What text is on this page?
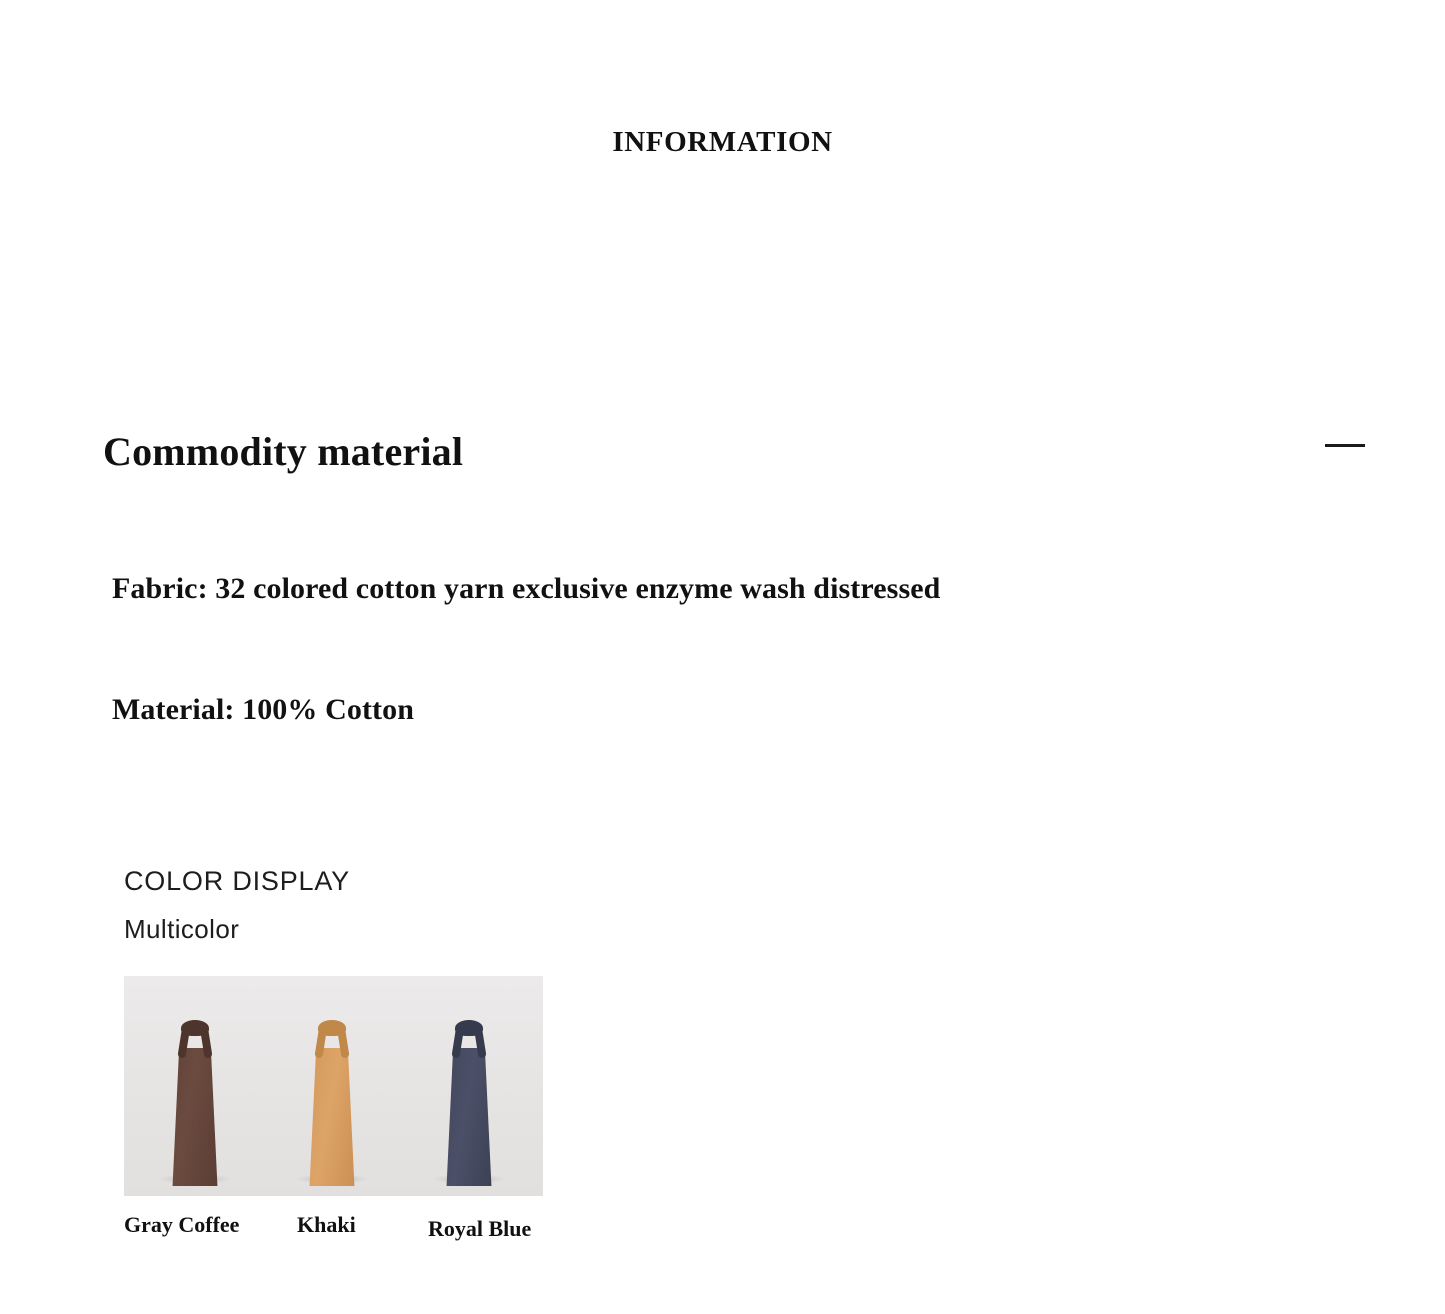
INFORMATION
Commodity material
Fabric: 32 colored cotton yarn exclusive enzyme wash distressed
Material: 100% Cotton
COLOR DISPLAY
Multicolor
Gray Coffee	Khaki	Royal Blue
